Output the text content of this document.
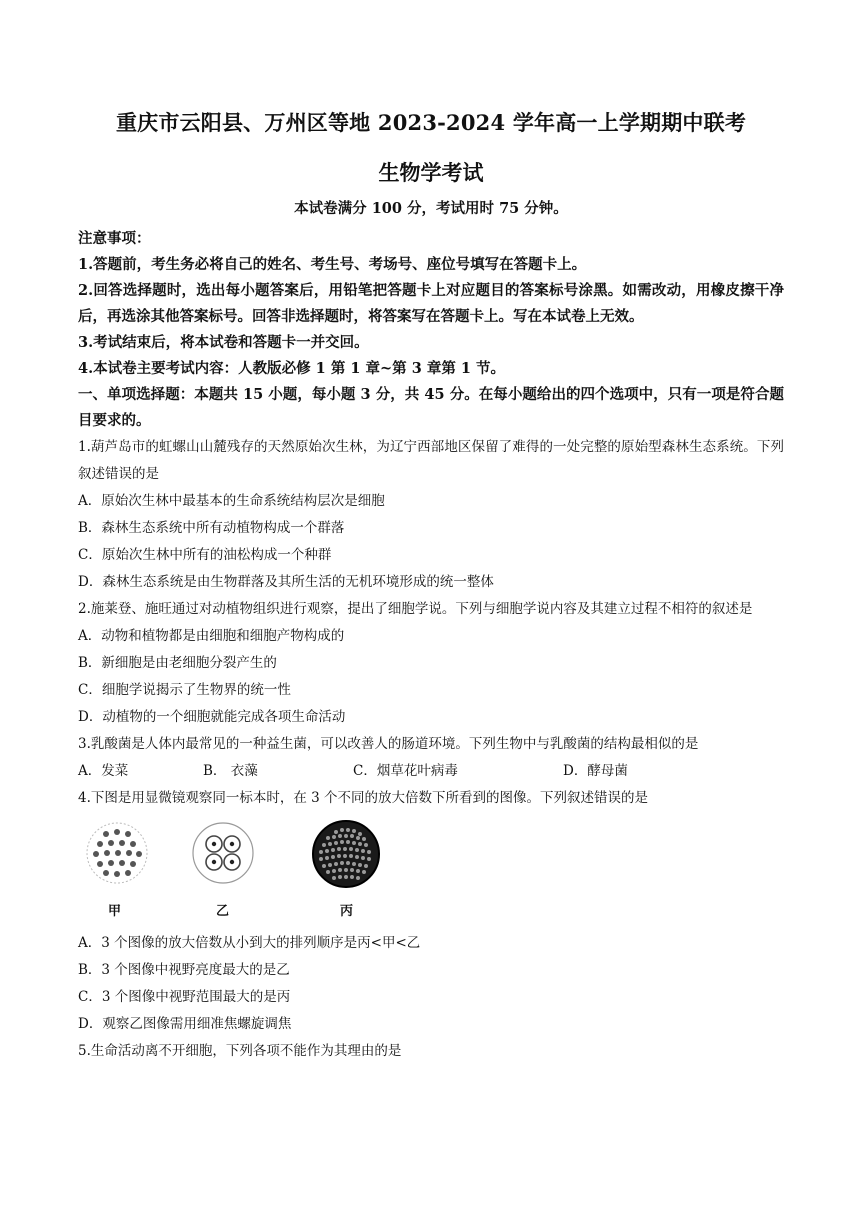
重庆市云阳县、万州区等地 2023-2024 学年高一上学期期中联考
生物学考试
本试卷满分 100 分，考试用时 75 分钟。
注意事项：
1.答题前，考生务必将自己的姓名、考生号、考场号、座位号填写在答题卡上。
2.回答选择题时，选出每小题答案后，用铅笔把答题卡上对应题目的答案标号涂黑。如需改动，用橡皮擦干净后，再选涂其他答案标号。回答非选择题时，将答案写在答题卡上。写在本试卷上无效。
3.考试结束后，将本试卷和答题卡一并交回。
4.本试卷主要考试内容：人教版必修 1 第 1 章~第 3 章第 1 节。
一、单项选择题：本题共 15 小题，每小题 3 分，共 45 分。在每小题给出的四个选项中，只有一项是符合题目要求的。
1.葫芦岛市的虹螺山山麓残存的天然原始次生林，为辽宁西部地区保留了难得的一处完整的原始型森林生态系统。下列叙述错误的是
A．原始次生林中最基本的生命系统结构层次是细胞
B．森林生态系统中所有动植物构成一个群落
C．原始次生林中所有的油松构成一个种群
D．森林生态系统是由生物群落及其所生活的无机环境形成的统一整体
2.施莱登、施旺通过对动植物组织进行观察，提出了细胞学说。下列与细胞学说内容及其建立过程不相符的叙述是
A．动物和植物都是由细胞和细胞产物构成的
B．新细胞是由老细胞分裂产生的
C．细胞学说揭示了生物界的统一性
D．动植物的一个细胞就能完成各项生命活动
3.乳酸菌是人体内最常见的一种益生菌，可以改善人的肠道环境。下列生物中与乳酸菌的结构最相似的是
A．发菜	B． 衣藻	C．烟草花叶病毒	D．酵母菌
4.下图是用显微镜观察同一标本时，在 3 个不同的放大倍数下所看到的图像。下列叙述错误的是
甲	乙	丙
A．3 个图像的放大倍数从小到大的排列顺序是丙<甲<乙
B．3 个图像中视野亮度最大的是乙
C．3 个图像中视野范围最大的是丙
D．观察乙图像需用细准焦螺旋调焦
5.生命活动离不开细胞，下列各项不能作为其理由的是
